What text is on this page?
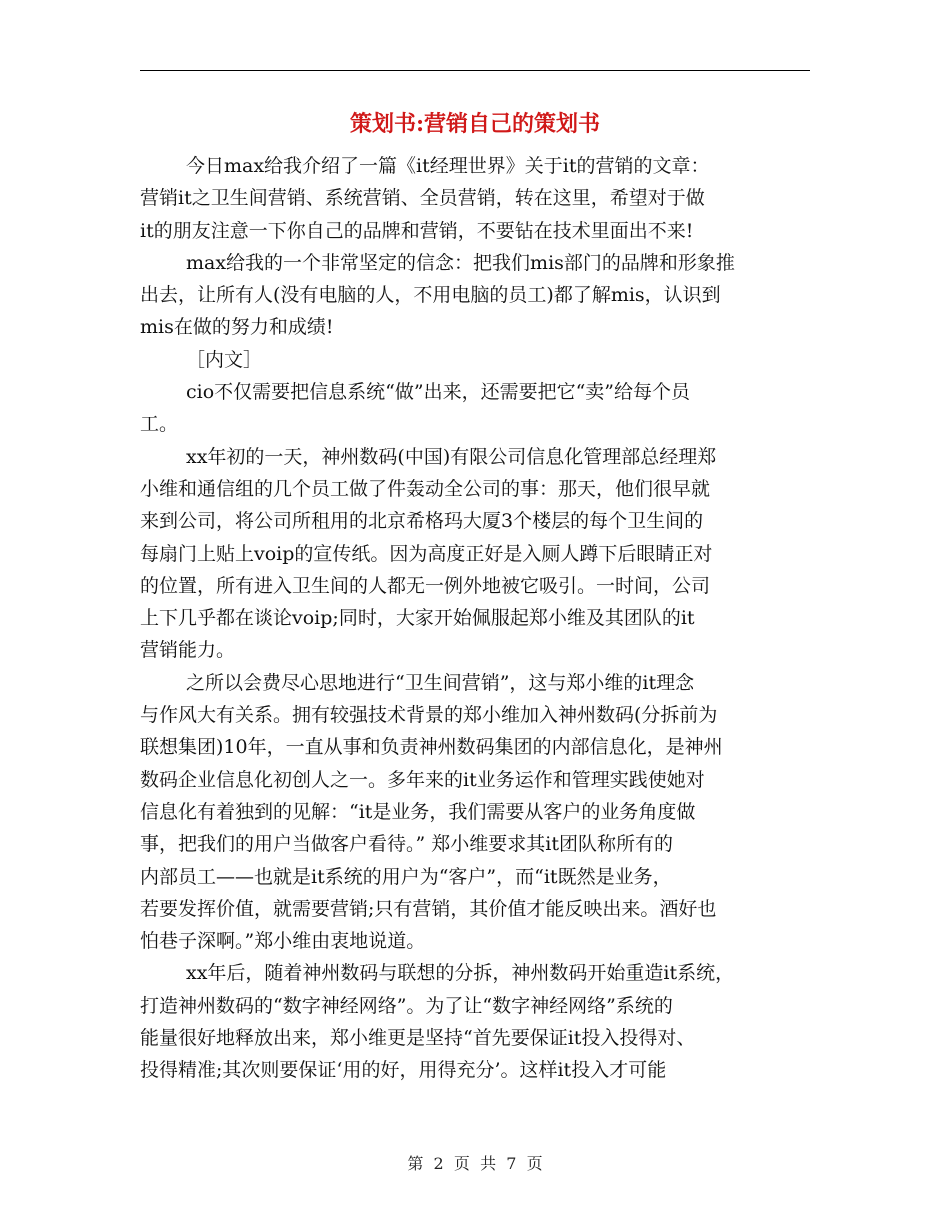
策划书:营销自己的策划书
今日max给我介绍了一篇《it经理世界》关于it的营销的文章：
营销it之卫生间营销、系统营销、全员营销，转在这里，希望对于做
it的朋友注意一下你自己的品牌和营销，不要钻在技术里面出不来!
max给我的一个非常坚定的信念：把我们mis部门的品牌和形象推
出去，让所有人(没有电脑的人，不用电脑的员工)都了解mis，认识到
mis在做的努力和成绩!
［内文］
cio不仅需要把信息系统“做”出来，还需要把它“卖”给每个员
工。
xx年初的一天，神州数码(中国)有限公司信息化管理部总经理郑
小维和通信组的几个员工做了件轰动全公司的事：那天，他们很早就
来到公司，将公司所租用的北京希格玛大厦3个楼层的每个卫生间的
每扇门上贴上voip的宣传纸。因为高度正好是入厕人蹲下后眼睛正对
的位置，所有进入卫生间的人都无一例外地被它吸引。一时间，公司
上下几乎都在谈论voip;同时，大家开始佩服起郑小维及其团队的it
营销能力。
之所以会费尽心思地进行“卫生间营销”，这与郑小维的it理念
与作风大有关系。拥有较强技术背景的郑小维加入神州数码(分拆前为
联想集团)10年，一直从事和负责神州数码集团的内部信息化，是神州
数码企业信息化初创人之一。多年来的it业务运作和管理实践使她对
信息化有着独到的见解：“it是业务，我们需要从客户的业务角度做
事，把我们的用户当做客户看待。” 郑小维要求其it团队称所有的
内部员工——也就是it系统的用户为“客户”，而“it既然是业务，
若要发挥价值，就需要营销;只有营销，其价值才能反映出来。酒好也
怕巷子深啊。”郑小维由衷地说道。
xx年后，随着神州数码与联想的分拆，神州数码开始重造it系统，
打造神州数码的“数字神经网络”。为了让“数字神经网络”系统的
能量很好地释放出来，郑小维更是坚持“首先要保证it投入投得对、
投得精准;其次则要保证‘用的好，用得充分’。这样it投入才可能
第  2  页  共  7  页
